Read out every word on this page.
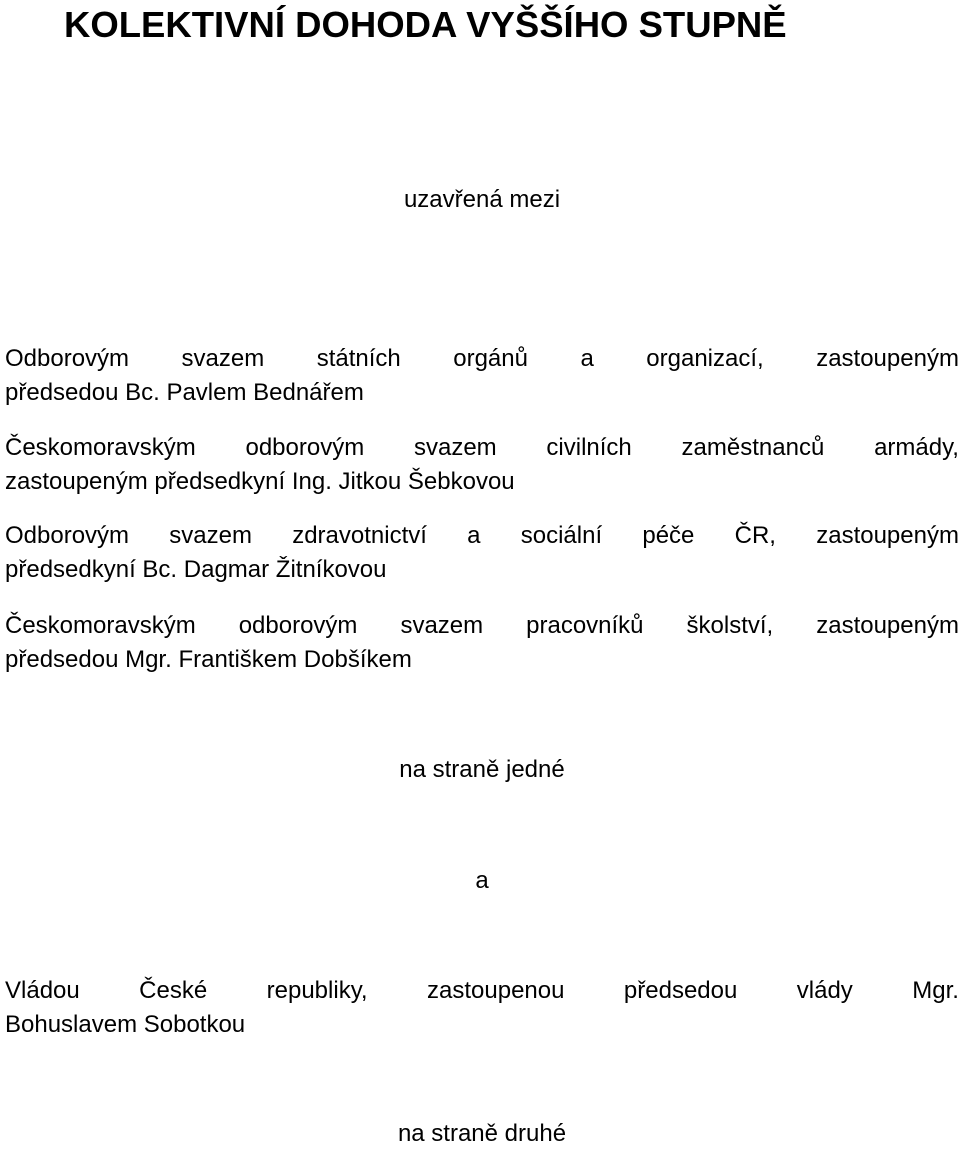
KOLEKTIVNÍ DOHODA VYŠŠÍHO STUPNĚ
uzavřená mezi
Odborovým svazem státních orgánů a organizací, zastoupeným
předsedou Bc. Pavlem Bednářem
Českomoravským odborovým svazem civilních zaměstnanců armády,
zastoupeným předsedkyní Ing. Jitkou Šebkovou
Odborovým svazem zdravotnictví a sociální péče ČR, zastoupeným
předsedkyní Bc. Dagmar Žitníkovou
Českomoravským odborovým svazem pracovníků školství, zastoupeným
předsedou Mgr. Františkem Dobšíkem
na straně jedné
a
Vládou České republiky, zastoupenou předsedou vlády Mgr.
Bohuslavem Sobotkou
na straně druhé
